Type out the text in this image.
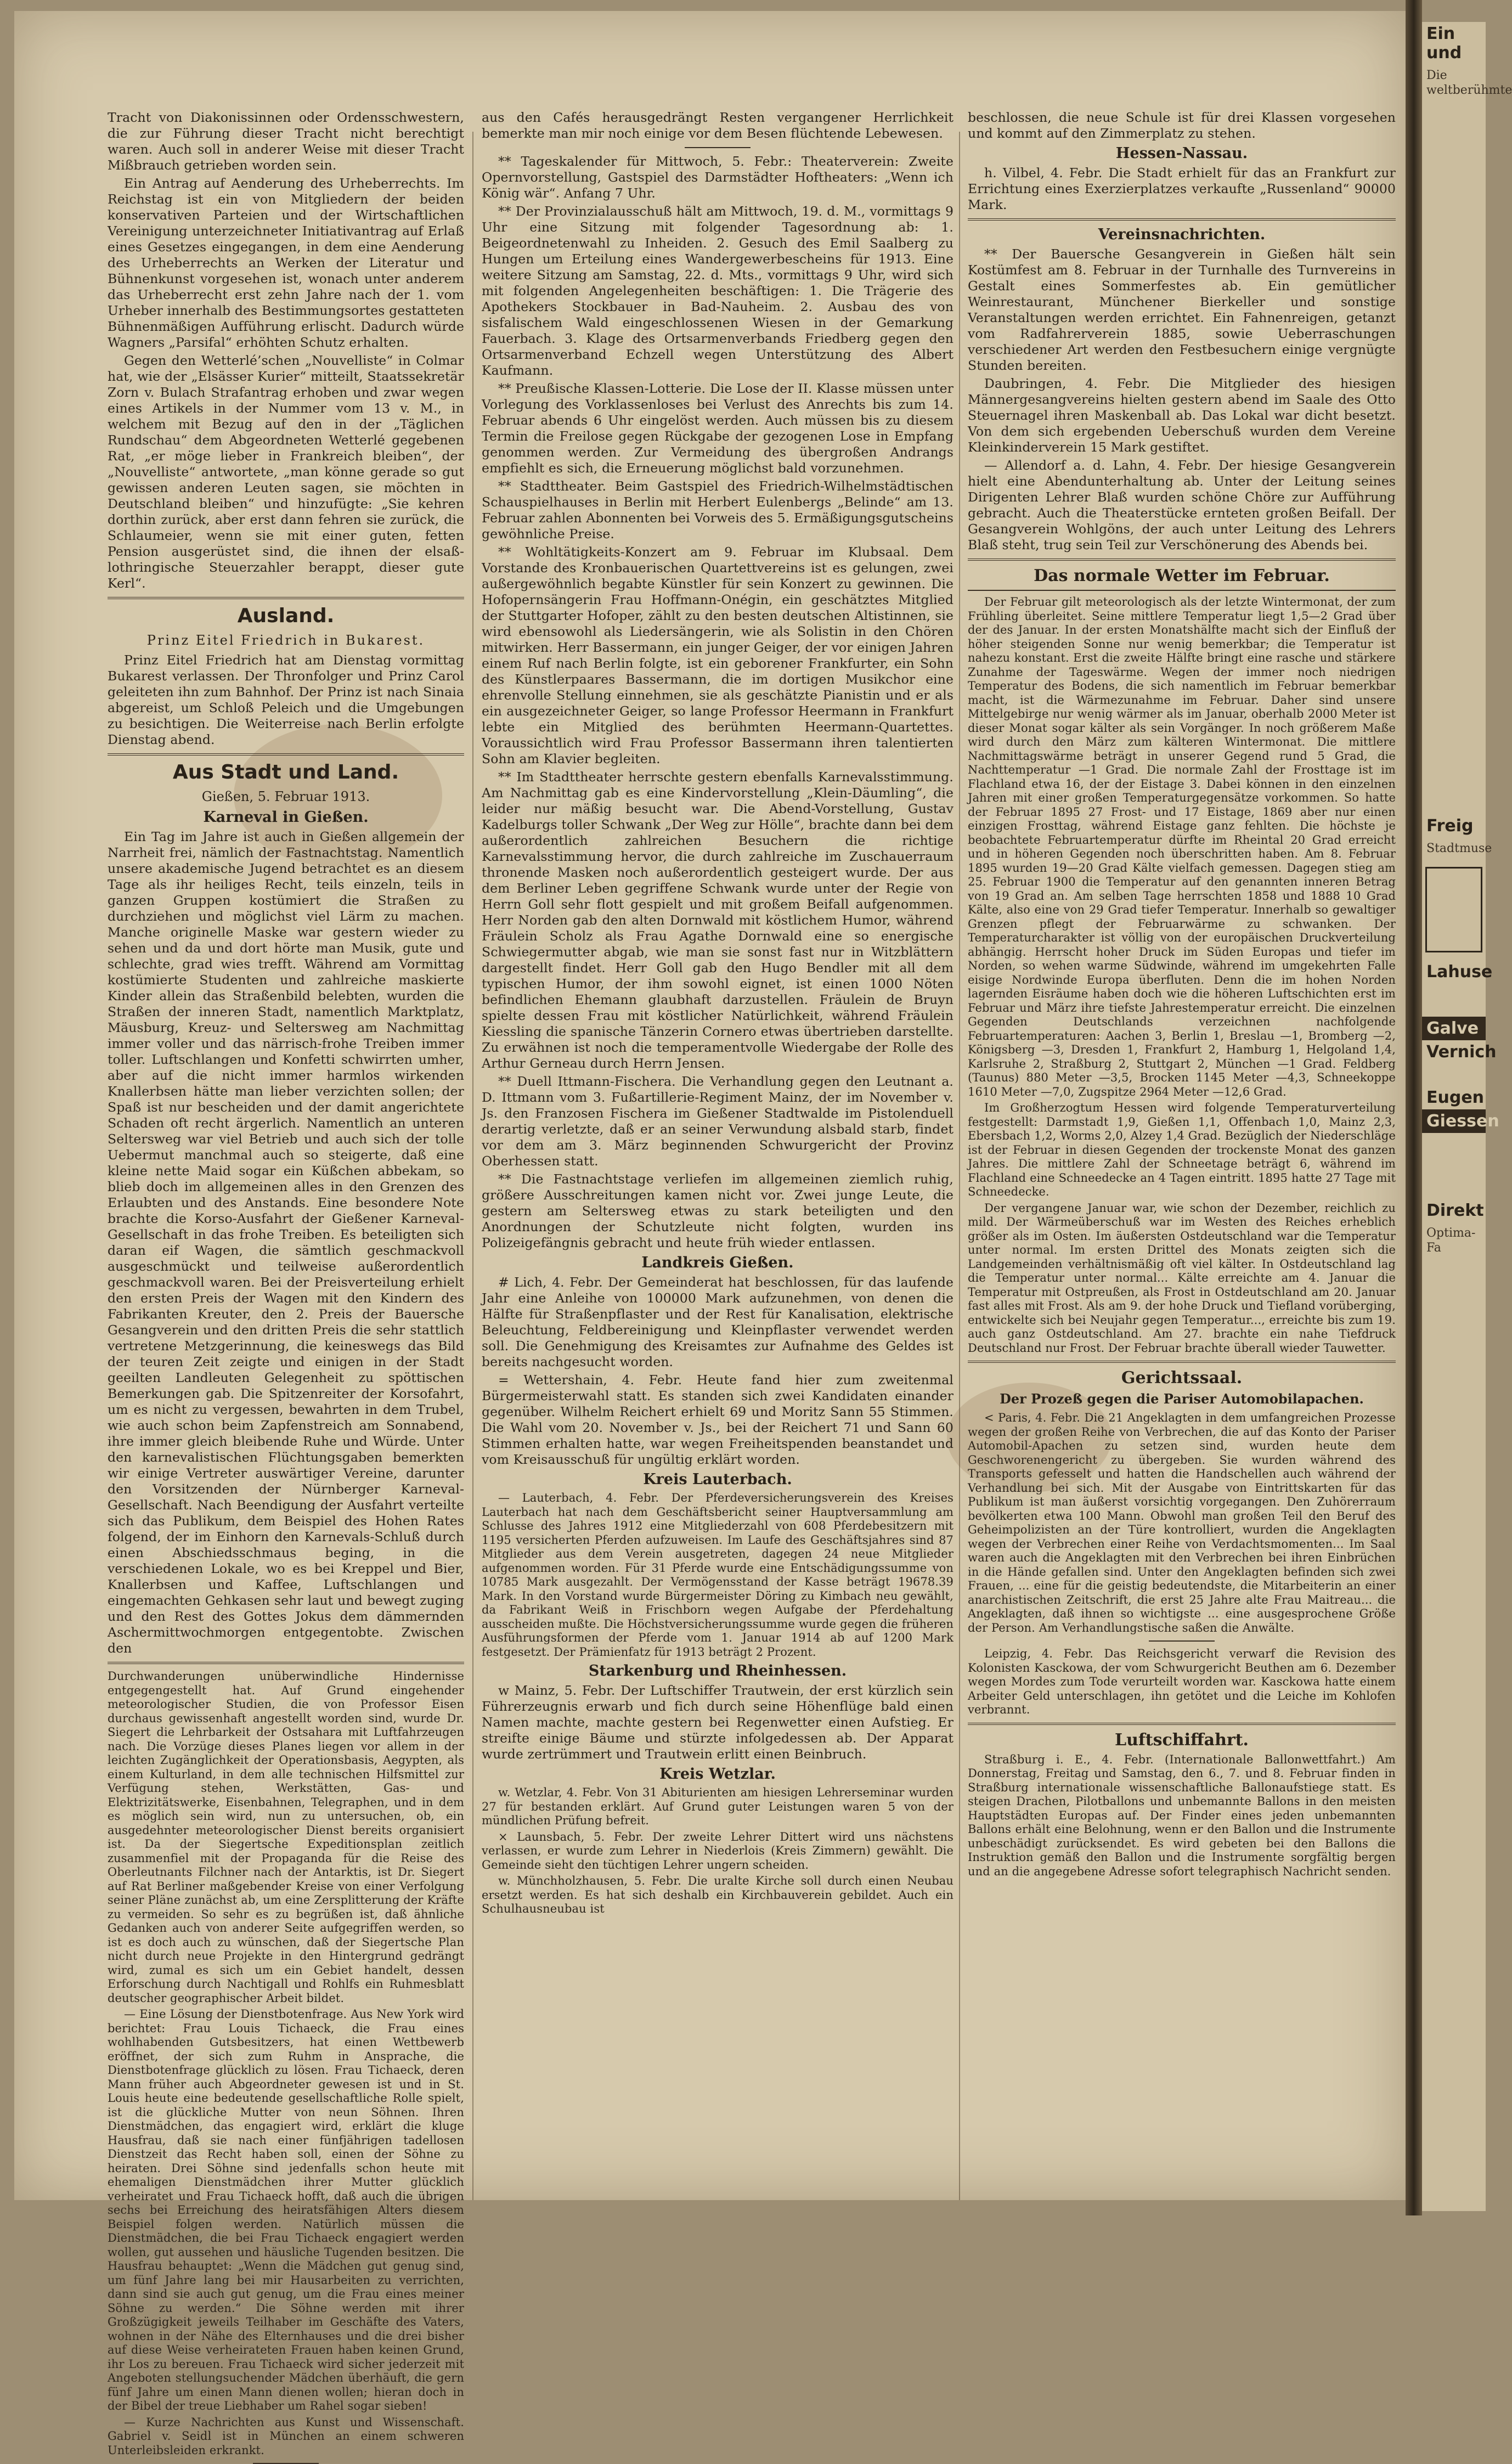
Tracht von Diakonissinnen oder Ordensschwestern, die zur Führung dieser Tracht nicht berechtigt waren. Auch soll in anderer Weise mit dieser Tracht Mißbrauch getrieben worden sein.

Ein Antrag auf Aenderung des Urheberrechts. Im Reichstag ist ein von Mitgliedern der beiden konservativen Parteien und der Wirtschaftlichen Vereinigung unterzeichneter Initiativantrag auf Erlaß eines Gesetzes eingegangen, in dem eine Aenderung des Urheberrechts an Werken der Literatur und Bühnenkunst vorgesehen ist, wonach unter anderem das Urheberrecht erst zehn Jahre nach der 1. vom Urheber innerhalb des Bestimmungsortes gestatteten Bühnenmäßigen Aufführung erlischt. Dadurch würde Wagners „Parsifal“ erhöhten Schutz erhalten.

Gegen den Wetterlé’schen „Nouvelliste“ in Colmar hat, wie der „Elsässer Kurier“ mitteilt, Staatssekretär Zorn v. Bulach Strafantrag erhoben und zwar wegen eines Artikels in der Nummer vom 13 v. M., in welchem mit Bezug auf den in der „Täglichen Rundschau“ dem Abgeordneten Wetterlé gegebenen Rat, „er möge lieber in Frankreich bleiben“, der „Nouvelliste“ antwortete, „man könne gerade so gut gewissen anderen Leuten sagen, sie möchten in Deutschland bleiben“ und hinzufügte: „Sie kehren dorthin zurück, aber erst dann fehren sie zurück, die Schlaumeier, wenn sie mit einer guten, fetten Pension ausgerüstet sind, die ihnen der elsaß-lothringische Steuerzahler berappt, dieser gute Kerl“.

Ausland.
Prinz Eitel Friedrich in Bukarest.

Prinz Eitel Friedrich hat am Dienstag vormittag Bukarest verlassen. Der Thronfolger und Prinz Carol geleiteten ihn zum Bahnhof. Der Prinz ist nach Sinaia abgereist, um Schloß Peleich und die Umgebungen zu besichtigen. Die Weiterreise nach Berlin erfolgte Dienstag abend.

Aus Stadt und Land.
Gießen, 5. Februar 1913.
Karneval in Gießen.

Ein Tag im Jahre ist auch in Gießen allgemein der Narrheit frei, nämlich der Fastnachtstag. Namentlich unsere akademische Jugend betrachtet es an diesem Tage als ihr heiliges Recht, teils einzeln, teils in ganzen Gruppen kostümiert die Straßen zu durchziehen und möglichst viel Lärm zu machen. Manche originelle Maske war gestern wieder zu sehen und da und dort hörte man Musik, gute und schlechte, grad wies trefft. Während am Vormittag kostümierte Studenten und zahlreiche maskierte Kinder allein das Straßenbild belebten, wurden die Straßen der inneren Stadt, namentlich Marktplatz, Mäusburg, Kreuz- und Seltersweg am Nachmittag immer voller und das närrisch-frohe Treiben immer toller. Luftschlangen und Konfetti schwirrten umher, aber auf die nicht immer harmlos wirkenden Knallerbsen hätte man lieber verzichten sollen; der Spaß ist nur bescheiden und der damit angerichtete Schaden oft recht ärgerlich. Namentlich an unteren Seltersweg war viel Betrieb und auch sich der tolle Uebermut manchmal auch so steigerte, daß eine kleine nette Maid sogar ein Küßchen abbekam, so blieb doch im allgemeinen alles in den Grenzen des Erlaubten und des Anstands. Eine besondere Note brachte die Korso-Ausfahrt der Gießener Karneval-Gesellschaft in das frohe Treiben. Es beteiligten sich daran eif Wagen, die sämtlich geschmackvoll ausgeschmückt und teilweise außerordentlich geschmackvoll waren. Bei der Preisverteilung erhielt den ersten Preis der Wagen mit den Kindern des Fabrikanten Kreuter, den 2. Preis der Bauersche Gesangverein und den dritten Preis die sehr stattlich vertretene Metzgerinnung, die keineswegs das Bild der teuren Zeit zeigte und einigen in der Stadt geeilten Landleuten Gelegenheit zu spöttischen Bemerkungen gab. Die Spitzenreiter der Korsofahrt, um es nicht zu vergessen, bewahrten in dem Trubel, wie auch schon beim Zapfenstreich am Sonnabend, ihre immer gleich bleibende Ruhe und Würde. Unter den karnevalistischen Flüchtungsgaben bemerkten wir einige Vertreter auswärtiger Vereine, darunter den Vorsitzenden der Nürnberger Karneval-Gesellschaft. Nach Beendigung der Ausfahrt verteilte sich das Publikum, dem Beispiel des Hohen Rates folgend, der im Einhorn den Karnevals-Schluß durch einen Abschiedsschmaus beging, in die verschiedenen Lokale, wo es bei Kreppel und Bier, Knallerbsen und Kaffee, Luftschlangen und eingemachten Gehkasen sehr laut und bewegt zuging und den Rest des Gottes Jokus dem dämmernden Aschermittwochmorgen entgegentobte. Zwischen den

Durchwanderungen unüberwindliche Hindernisse entgegengestellt hat. Auf Grund eingehender meteorologischer Studien, die von Professor Eisen durchaus gewissenhaft angestellt worden sind, wurde Dr. Siegert die Lehrbarkeit der Ostsahara mit Luftfahrzeugen nach. Die Vorzüge dieses Planes liegen vor allem in der leichten Zugänglichkeit der Operationsbasis, Aegypten, als einem Kulturland, in dem alle technischen Hilfsmittel zur Verfügung stehen, Werkstätten, Gas- und Elektrizitätswerke, Eisenbahnen, Telegraphen, und in dem es möglich sein wird, nun zu untersuchen, ob, ein ausgedehnter meteorologischer Dienst bereits organisiert ist. Da der Siegertsche Expeditionsplan zeitlich zusammenfiel mit der Propaganda für die Reise des Oberleutnants Filchner nach der Antarktis, ist Dr. Siegert auf Rat Berliner maßgebender Kreise von einer Verfolgung seiner Pläne zunächst ab, um eine Zersplitterung der Kräfte zu vermeiden. So sehr es zu begrüßen ist, daß ähnliche Gedanken auch von anderer Seite aufgegriffen werden, so ist es doch auch zu wünschen, daß der Siegertsche Plan nicht durch neue Projekte in den Hintergrund gedrängt wird, zumal es sich um ein Gebiet handelt, dessen Erforschung durch Nachtigall und Rohlfs ein Ruhmesblatt deutscher geographischer Arbeit bildet.

— Eine Lösung der Dienstbotenfrage. Aus New York wird berichtet: Frau Louis Tichaeck, die Frau eines wohlhabenden Gutsbesitzers, hat einen Wettbewerb eröffnet, der sich zum Ruhm in Ansprache, die Dienstbotenfrage glücklich zu lösen. Frau Tichaeck, deren Mann früher auch Abgeordneter gewesen ist und in St. Louis heute eine bedeutende gesellschaftliche Rolle spielt, ist die glückliche Mutter von neun Söhnen. Ihren Dienstmädchen, das engagiert wird, erklärt die kluge Hausfrau, daß sie nach einer fünfjährigen tadellosen Dienstzeit das Recht haben soll, einen der Söhne zu heiraten. Drei Söhne sind jedenfalls schon heute mit ehemaligen Dienstmädchen ihrer Mutter glücklich verheiratet und Frau Tichaeck hofft, daß auch die übrigen sechs bei Erreichung des heiratsfähigen Alters diesem Beispiel folgen werden. Natürlich müssen die Dienstmädchen, die bei Frau Tichaeck engagiert werden wollen, gut aussehen und häusliche Tugenden besitzen. Die Hausfrau behauptet: „Wenn die Mädchen gut genug sind, um fünf Jahre lang bei mir Hausarbeiten zu verrichten, dann sind sie auch gut genug, um die Frau eines meiner Söhne zu werden.“ Die Söhne werden mit ihrer Großzügigkeit jeweils Teilhaber im Geschäfte des Vaters, wohnen in der Nähe des Elternhauses und die drei bisher auf diese Weise verheirateten Frauen haben keinen Grund, ihr Los zu bereuen. Frau Tichaeck wird sicher jederzeit mit Angeboten stellungsuchender Mädchen überhäuft, die gern fünf Jahre um einen Mann dienen wollen; hieran doch in der Bibel der treue Liebhaber um Rahel sogar sieben!

— Kurze Nachrichten aus Kunst und Wissenschaft. Gabriel v. Seidl ist in München an einem schweren Unterleibsleiden erkrankt.

aus den Cafés herausgedrängt Resten vergangener Herrlichkeit bemerkte man mir noch einige vor dem Besen flüchtende Lebewesen.

** Tageskalender für Mittwoch, 5. Febr.: Theaterverein: Zweite Opernvorstellung, Gastspiel des Darmstädter Hoftheaters: „Wenn ich König wär“. Anfang 7 Uhr.

** Der Provinzialausschuß hält am Mittwoch, 19. d. M., vormittags 9 Uhr eine Sitzung mit folgender Tagesordnung ab: 1. Beigeordnetenwahl zu Inheiden. 2. Gesuch des Emil Saalberg zu Hungen um Erteilung eines Wandergewerbescheins für 1913. Eine weitere Sitzung am Samstag, 22. d. Mts., vormittags 9 Uhr, wird sich mit folgenden Angelegenheiten beschäftigen: 1. Die Trägerie des Apothekers Stockbauer in Bad-Nauheim. 2. Ausbau des von sisfalischem Wald eingeschlossenen Wiesen in der Gemarkung Fauerbach. 3. Klage des Ortsarmenverbands Friedberg gegen den Ortsarmenverband Echzell wegen Unterstützung des Albert Kaufmann.

** Preußische Klassen-Lotterie. Die Lose der II. Klasse müssen unter Vorlegung des Vorklassenloses bei Verlust des Anrechts bis zum 14. Februar abends 6 Uhr eingelöst werden. Auch müssen bis zu diesem Termin die Freilose gegen Rückgabe der gezogenen Lose in Empfang genommen werden. Zur Vermeidung des übergroßen Andrangs empfiehlt es sich, die Erneuerung möglichst bald vorzunehmen.

** Stadttheater. Beim Gastspiel des Friedrich-Wilhelmstädtischen Schauspielhauses in Berlin mit Herbert Eulenbergs „Belinde“ am 13. Februar zahlen Abonnenten bei Vorweis des 5. Ermäßigungsgutscheins gewöhnliche Preise.

** Wohltätigkeits-Konzert am 9. Februar im Klubsaal. Dem Vorstande des Kronbauerischen Quartettvereins ist es gelungen, zwei außergewöhnlich begabte Künstler für sein Konzert zu gewinnen. Die Hofopernsängerin Frau Hoffmann-Onégin, ein geschätztes Mitglied der Stuttgarter Hofoper, zählt zu den besten deutschen Altistinnen, sie wird ebensowohl als Liedersängerin, wie als Solistin in den Chören mitwirken. Herr Bassermann, ein junger Geiger, der vor einigen Jahren einem Ruf nach Berlin folgte, ist ein geborener Frankfurter, ein Sohn des Künstlerpaares Bassermann, die im dortigen Musikchor eine ehrenvolle Stellung einnehmen, sie als geschätzte Pianistin und er als ein ausgezeichneter Geiger, so lange Professor Heermann in Frankfurt lebte ein Mitglied des berühmten Heermann-Quartettes. Voraussichtlich wird Frau Professor Bassermann ihren talentierten Sohn am Klavier begleiten.

** Im Stadttheater herrschte gestern ebenfalls Karnevalsstimmung. Am Nachmittag gab es eine Kindervorstellung „Klein-Däumling“, die leider nur mäßig besucht war. Die Abend-Vorstellung, Gustav Kadelburgs toller Schwank „Der Weg zur Hölle“, brachte dann bei dem außerordentlich zahlreichen Besuchern die richtige Karnevalsstimmung hervor, die durch zahlreiche im Zuschauerraum thronende Masken noch außerordentlich gesteigert wurde. Der aus dem Berliner Leben gegriffene Schwank wurde unter der Regie von Herrn Goll sehr flott gespielt und mit großem Beifall aufgenommen. Herr Norden gab den alten Dornwald mit köstlichem Humor, während Fräulein Scholz als Frau Agathe Dornwald eine so energische Schwiegermutter abgab, wie man sie sonst fast nur in Witzblättern dargestellt findet. Herr Goll gab den Hugo Bendler mit all dem typischen Humor, der ihm sowohl eignet, ist einen 1000 Nöten befindlichen Ehemann glaubhaft darzustellen. Fräulein de Bruyn spielte dessen Frau mit köstlicher Natürlichkeit, während Fräulein Kiessling die spanische Tänzerin Cornero etwas übertrieben darstellte. Zu erwähnen ist noch die temperamentvolle Wiedergabe der Rolle des Arthur Gerneau durch Herrn Jensen.

** Duell Ittmann-Fischera. Die Verhandlung gegen den Leutnant a. D. Ittmann vom 3. Fußartillerie-Regiment Mainz, der im November v. Js. den Franzosen Fischera im Gießener Stadtwalde im Pistolenduell derartig verletzte, daß er an seiner Verwundung alsbald starb, findet vor dem am 3. März beginnenden Schwurgericht der Provinz Oberhessen statt.

** Die Fastnachtstage verliefen im allgemeinen ziemlich ruhig, größere Ausschreitungen kamen nicht vor. Zwei junge Leute, die gestern am Seltersweg etwas zu stark beteiligten und den Anordnungen der Schutzleute nicht folgten, wurden ins Polizeigefängnis gebracht und heute früh wieder entlassen.

Landkreis Gießen.

# Lich, 4. Febr. Der Gemeinderat hat beschlossen, für das laufende Jahr eine Anleihe von 100000 Mark aufzunehmen, von denen die Hälfte für Straßenpflaster und der Rest für Kanalisation, elektrische Beleuchtung, Feldbereinigung und Kleinpflaster verwendet werden soll. Die Genehmigung des Kreisamtes zur Aufnahme des Geldes ist bereits nachgesucht worden.

= Wettershain, 4. Febr. Heute fand hier zum zweitenmal Bürgermeisterwahl statt. Es standen sich zwei Kandidaten einander gegenüber. Wilhelm Reichert erhielt 69 und Moritz Sann 55 Stimmen. Die Wahl vom 20. November v. Js., bei der Reichert 71 und Sann 60 Stimmen erhalten hatte, war wegen Freiheitspenden beanstandet und vom Kreisausschuß für ungültig erklärt worden.

Kreis Lauterbach.

— Lauterbach, 4. Febr. Der Pferdeversicherungsverein des Kreises Lauterbach hat nach dem Geschäftsbericht seiner Hauptversammlung am Schlusse des Jahres 1912 eine Mitgliederzahl von 608 Pferdebesitzern mit 1195 versicherten Pferden aufzuweisen. Im Laufe des Geschäftsjahres sind 87 Mitglieder aus dem Verein ausgetreten, dagegen 24 neue Mitglieder aufgenommen worden. Für 31 Pferde wurde eine Entschädigungssumme von 10785 Mark ausgezahlt. Der Vermögensstand der Kasse beträgt 19678.39 Mark. In den Vorstand wurde Bürgermeister Döring zu Kimbach neu gewählt, da Fabrikant Weiß in Frischborn wegen Aufgabe der Pferdehaltung ausscheiden mußte. Die Höchstversicherungssumme wurde gegen die früheren Ausführungsformen der Pferde vom 1. Januar 1914 ab auf 1200 Mark festgesetzt. Der Prämienfatz für 1913 beträgt 2 Prozent.

Starkenburg und Rheinhessen.

w Mainz, 5. Febr. Der Luftschiffer Trautwein, der erst kürzlich sein Führerzeugnis erwarb und fich durch seine Höhenflüge bald einen Namen machte, machte gestern bei Regenwetter einen Aufstieg. Er streifte einige Bäume und stürzte infolgedessen ab. Der Apparat wurde zertrümmert und Trautwein erlitt einen Beinbruch.

Kreis Wetzlar.

w. Wetzlar, 4. Febr. Von 31 Abiturienten am hiesigen Lehrerseminar wurden 27 für bestanden erklärt. Auf Grund guter Leistungen waren 5 von der mündlichen Prüfung befreit.

× Launsbach, 5. Febr. Der zweite Lehrer Dittert wird uns nächstens verlassen, er wurde zum Lehrer in Niederlois (Kreis Zimmern) gewählt. Die Gemeinde sieht den tüchtigen Lehrer ungern scheiden.

w. Münchholzhausen, 5. Febr. Die uralte Kirche soll durch einen Neubau ersetzt werden. Es hat sich deshalb ein Kirchbauverein gebildet. Auch ein Schulhausneubau ist

beschlossen, die neue Schule ist für drei Klassen vorgesehen und kommt auf den Zimmerplatz zu stehen.

Hessen-Nassau.

h. Vilbel, 4. Febr. Die Stadt erhielt für das an Frankfurt zur Errichtung eines Exerzierplatzes verkaufte „Russenland“ 90000 Mark.

Vereinsnachrichten.

** Der Bauersche Gesangverein in Gießen hält sein Kostümfest am 8. Februar in der Turnhalle des Turnvereins in Gestalt eines Sommerfestes ab. Ein gemütlicher Weinrestaurant, Münchener Bierkeller und sonstige Veranstaltungen werden errichtet. Ein Fahnenreigen, getanzt vom Radfahrerverein 1885, sowie Ueberraschungen verschiedener Art werden den Festbesuchern einige vergnügte Stunden bereiten.

Daubringen, 4. Febr. Die Mitglieder des hiesigen Männergesangvereins hielten gestern abend im Saale des Otto Steuernagel ihren Maskenball ab. Das Lokal war dicht besetzt. Von dem sich ergebenden Ueberschuß wurden dem Vereine Kleinkinderverein 15 Mark gestiftet.

— Allendorf a. d. Lahn, 4. Febr. Der hiesige Gesangverein hielt eine Abendunterhaltung ab. Unter der Leitung seines Dirigenten Lehrer Blaß wurden schöne Chöre zur Aufführung gebracht. Auch die Theaterstücke ernteten großen Beifall. Der Gesangverein Wohlgöns, der auch unter Leitung des Lehrers Blaß steht, trug sein Teil zur Verschönerung des Abends bei.

Das normale Wetter im Februar.

Der Februar gilt meteorologisch als der letzte Wintermonat, der zum Frühling überleitet. Seine mittlere Temperatur liegt 1,5—2 Grad über der des Januar. In der ersten Monatshälfte macht sich der Einfluß der höher steigenden Sonne nur wenig bemerkbar; die Temperatur ist nahezu konstant. Erst die zweite Hälfte bringt eine rasche und stärkere Zunahme der Tageswärme. Wegen der immer noch niedrigen Temperatur des Bodens, die sich namentlich im Februar bemerkbar macht, ist die Wärmezunahme im Februar. Daher sind unsere Mittelgebirge nur wenig wärmer als im Januar, oberhalb 2000 Meter ist dieser Monat sogar kälter als sein Vorgänger. In noch größerem Maße wird durch den März zum kälteren Wintermonat. Die mittlere Nachmittagswärme beträgt in unserer Gegend rund 5 Grad, die Nachttemperatur —1 Grad. Die normale Zahl der Frosttage ist im Flachland etwa 16, der der Eistage 3. Dabei können in den einzelnen Jahren mit einer großen Temperaturgegensätze vorkommen. So hatte der Februar 1895 27 Frost- und 17 Eistage, 1869 aber nur einen einzigen Frosttag, während Eistage ganz fehlten. Die höchste je beobachtete Februartemperatur dürfte im Rheintal 20 Grad erreicht und in höheren Gegenden noch überschritten haben. Am 8. Februar 1895 wurden 19—20 Grad Kälte vielfach gemessen. Dagegen stieg am 25. Februar 1900 die Temperatur auf den genannten inneren Betrag von 19 Grad an. Am selben Tage herrschten 1858 und 1888 10 Grad Kälte, also eine von 29 Grad tiefer Temperatur. Innerhalb so gewaltiger Grenzen pflegt der Februarwärme zu schwanken. Der Temperaturcharakter ist völlig von der europäischen Druckverteilung abhängig. Herrscht hoher Druck im Süden Europas und tiefer im Norden, so wehen warme Südwinde, während im umgekehrten Falle eisige Nordwinde Europa überfluten. Denn die im hohen Norden lagernden Eisräume haben doch wie die höheren Luftschichten erst im Februar und März ihre tiefste Jahrestemperatur erreicht. Die einzelnen Gegenden Deutschlands verzeichnen nachfolgende Februartemperaturen: Aachen 3, Berlin 1, Breslau —1, Bromberg —2, Königsberg —3, Dresden 1, Frankfurt 2, Hamburg 1, Helgoland 1,4, Karlsruhe 2, Straßburg 2, Stuttgart 2, München —1 Grad. Feldberg (Taunus) 880 Meter —3,5, Brocken 1145 Meter —4,3, Schneekoppe 1610 Meter —7,0, Zugspitze 2964 Meter —12,6 Grad.

Im Großherzogtum Hessen wird folgende Temperaturverteilung festgestellt: Darmstadt 1,9, Gießen 1,1, Offenbach 1,0, Mainz 2,3, Ebersbach 1,2, Worms 2,0, Alzey 1,4 Grad. Bezüglich der Niederschläge ist der Februar in diesen Gegenden der trockenste Monat des ganzen Jahres. Die mittlere Zahl der Schneetage beträgt 6, während im Flachland eine Schneedecke an 4 Tagen eintritt. 1895 hatte 27 Tage mit Schneedecke.

Der vergangene Januar war, wie schon der Dezember, reichlich zu mild. Der Wärmeüberschuß war im Westen des Reiches erheblich größer als im Osten. Im äußersten Ostdeutschland war die Temperatur unter normal. Im ersten Drittel des Monats zeigten sich die Landgemeinden verhältnismäßig oft viel kälter. In Ostdeutschland lag die Temperatur unter normal... Kälte erreichte am 4. Januar die Temperatur mit Ostpreußen, als Frost in Ostdeutschland am 20. Januar fast alles mit Frost. Als am 9. der hohe Druck und Tiefland vorüberging, entwickelte sich bei Neujahr gegen Temperatur..., erreichte bis zum 19. auch ganz Ostdeutschland. Am 27. brachte ein nahe Tiefdruck Deutschland nur Frost. Der Februar brachte überall wieder Tauwetter.

Gerichtssaal.
Der Prozeß gegen die Pariser Automobilapachen.

< Paris, 4. Febr. Die 21 Angeklagten in dem umfangreichen Prozesse wegen der großen Reihe von Verbrechen, die auf das Konto der Pariser Automobil-Apachen zu setzen sind, wurden heute dem Geschworenengericht zu übergeben. Sie wurden während des Transports gefesselt und hatten die Handschellen auch während der Verhandlung bei sich. Mit der Ausgabe von Eintrittskarten für das Publikum ist man äußerst vorsichtig vorgegangen. Den Zuhörerraum bevölkerten etwa 100 Mann. Obwohl man großen Teil den Beruf des Geheimpolizisten an der Türe kontrolliert, wurden die Angeklagten wegen der Verbrechen einer Reihe von Verdachtsmomenten... Im Saal waren auch die Angeklagten mit den Verbrechen bei ihren Einbrüchen in die Hände gefallen sind. Unter den Angeklagten befinden sich zwei Frauen, ... eine für die geistig bedeutendste, die Mitarbeiterin an einer anarchistischen Zeitschrift, die erst 25 Jahre alte Frau Maitreau... die Angeklagten, daß ihnen so wichtigste ... eine ausgesprochene Größe der Person. Am Verhandlungstische saßen die Anwälte.

Leipzig, 4. Febr. Das Reichsgericht verwarf die Revision des Kolonisten Kasckowa, der vom Schwurgericht Beuthen am 6. Dezember wegen Mordes zum Tode verurteilt worden war. Kasckowa hatte einem Arbeiter Geld unterschlagen, ihn getötet und die Leiche im Kohlofen verbrannt.

Luftschiffahrt.

Straßburg i. E., 4. Febr. (Internationale Ballonwettfahrt.) Am Donnerstag, Freitag und Samstag, den 6., 7. und 8. Februar finden in Straßburg internationale wissenschaftliche Ballonaufstiege statt. Es steigen Drachen, Pilotballons und unbemannte Ballons in den meisten Hauptstädten Europas auf. Der Finder eines jeden unbemannten Ballons erhält eine Belohnung, wenn er den Ballon und die Instrumente unbeschädigt zurücksendet. Es wird gebeten bei den Ballons die Instruktion gemäß den Ballon und die Instrumente sorgfältig bergen und an die angegebene Adresse sofort telegraphisch Nachricht senden.

Ein und
Die weltberühmte
Freig
Stadtmuse
Lahuse
Galve
Vernich
Eugen
Giessen
Direkt
Optima-Fa
